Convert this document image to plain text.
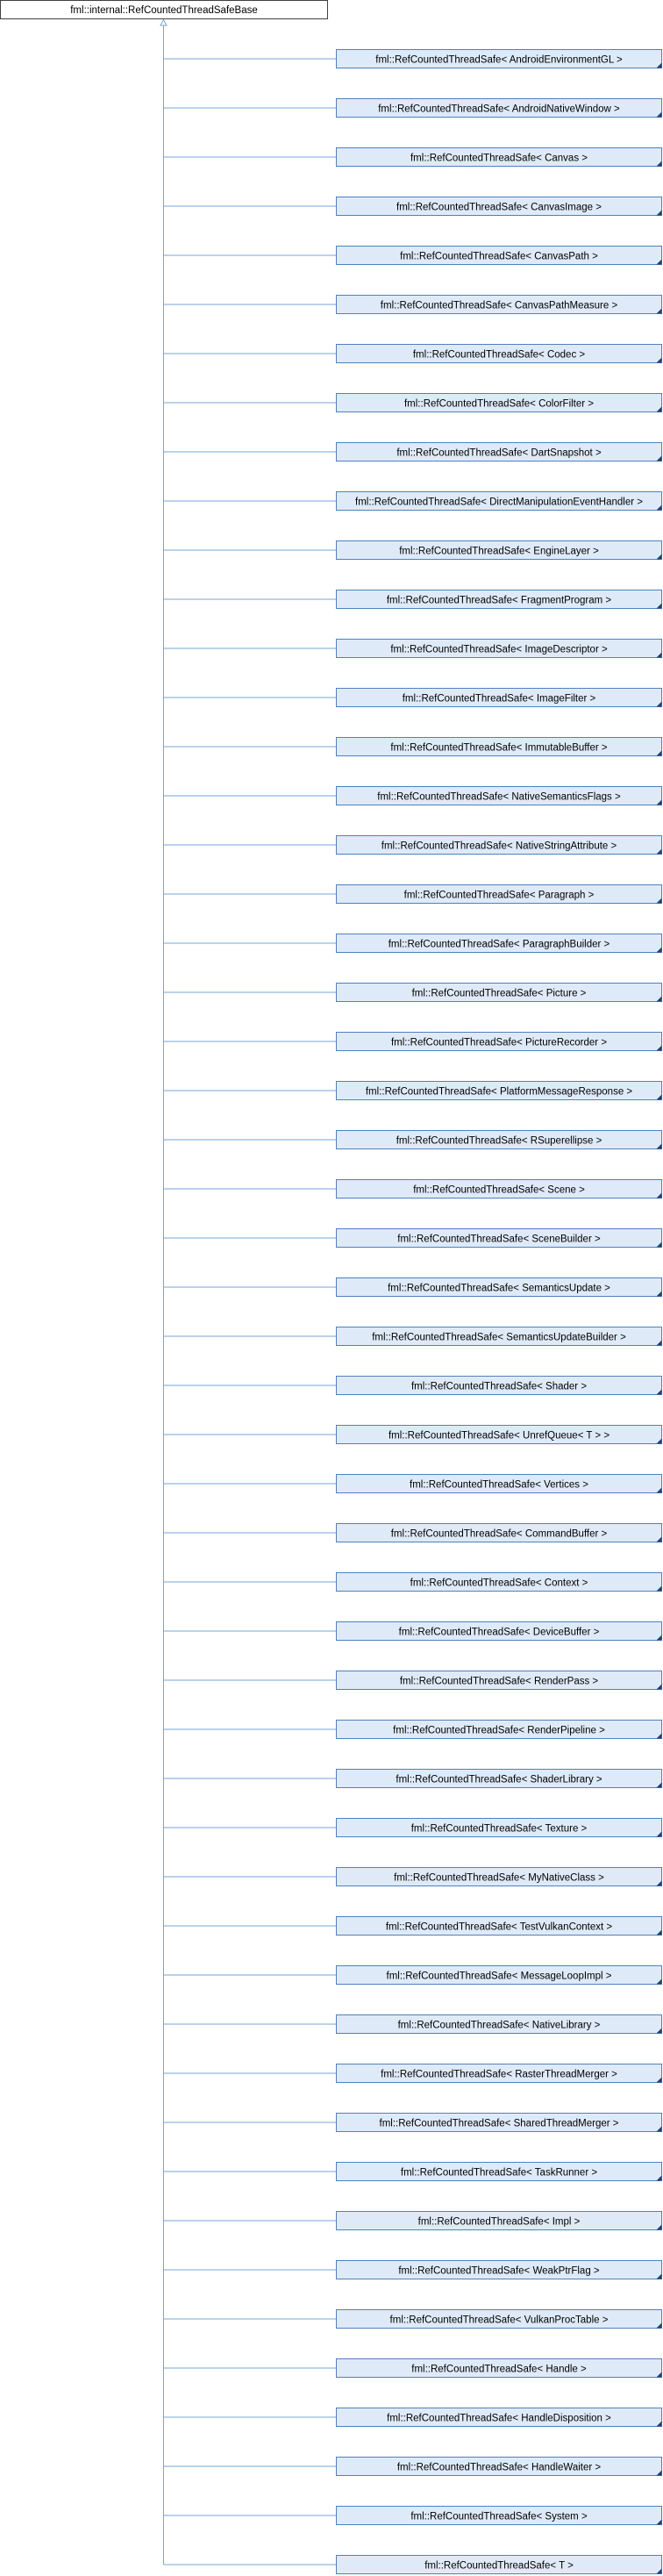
fml::internal::RefCountedThreadSafeBase
fml::RefCountedThreadSafe< AndroidEnvironmentGL >
fml::RefCountedThreadSafe< AndroidNativeWindow >
fml::RefCountedThreadSafe< Canvas >
fml::RefCountedThreadSafe< CanvasImage >
fml::RefCountedThreadSafe< CanvasPath >
fml::RefCountedThreadSafe< CanvasPathMeasure >
fml::RefCountedThreadSafe< Codec >
fml::RefCountedThreadSafe< ColorFilter >
fml::RefCountedThreadSafe< DartSnapshot >
fml::RefCountedThreadSafe< DirectManipulationEventHandler >
fml::RefCountedThreadSafe< EngineLayer >
fml::RefCountedThreadSafe< FragmentProgram >
fml::RefCountedThreadSafe< ImageDescriptor >
fml::RefCountedThreadSafe< ImageFilter >
fml::RefCountedThreadSafe< ImmutableBuffer >
fml::RefCountedThreadSafe< NativeSemanticsFlags >
fml::RefCountedThreadSafe< NativeStringAttribute >
fml::RefCountedThreadSafe< Paragraph >
fml::RefCountedThreadSafe< ParagraphBuilder >
fml::RefCountedThreadSafe< Picture >
fml::RefCountedThreadSafe< PictureRecorder >
fml::RefCountedThreadSafe< PlatformMessageResponse >
fml::RefCountedThreadSafe< RSuperellipse >
fml::RefCountedThreadSafe< Scene >
fml::RefCountedThreadSafe< SceneBuilder >
fml::RefCountedThreadSafe< SemanticsUpdate >
fml::RefCountedThreadSafe< SemanticsUpdateBuilder >
fml::RefCountedThreadSafe< Shader >
fml::RefCountedThreadSafe< UnrefQueue< T > >
fml::RefCountedThreadSafe< Vertices >
fml::RefCountedThreadSafe< CommandBuffer >
fml::RefCountedThreadSafe< Context >
fml::RefCountedThreadSafe< DeviceBuffer >
fml::RefCountedThreadSafe< RenderPass >
fml::RefCountedThreadSafe< RenderPipeline >
fml::RefCountedThreadSafe< ShaderLibrary >
fml::RefCountedThreadSafe< Texture >
fml::RefCountedThreadSafe< MyNativeClass >
fml::RefCountedThreadSafe< TestVulkanContext >
fml::RefCountedThreadSafe< MessageLoopImpl >
fml::RefCountedThreadSafe< NativeLibrary >
fml::RefCountedThreadSafe< RasterThreadMerger >
fml::RefCountedThreadSafe< SharedThreadMerger >
fml::RefCountedThreadSafe< TaskRunner >
fml::RefCountedThreadSafe< Impl >
fml::RefCountedThreadSafe< WeakPtrFlag >
fml::RefCountedThreadSafe< VulkanProcTable >
fml::RefCountedThreadSafe< Handle >
fml::RefCountedThreadSafe< HandleDisposition >
fml::RefCountedThreadSafe< HandleWaiter >
fml::RefCountedThreadSafe< System >
fml::RefCountedThreadSafe< T >
